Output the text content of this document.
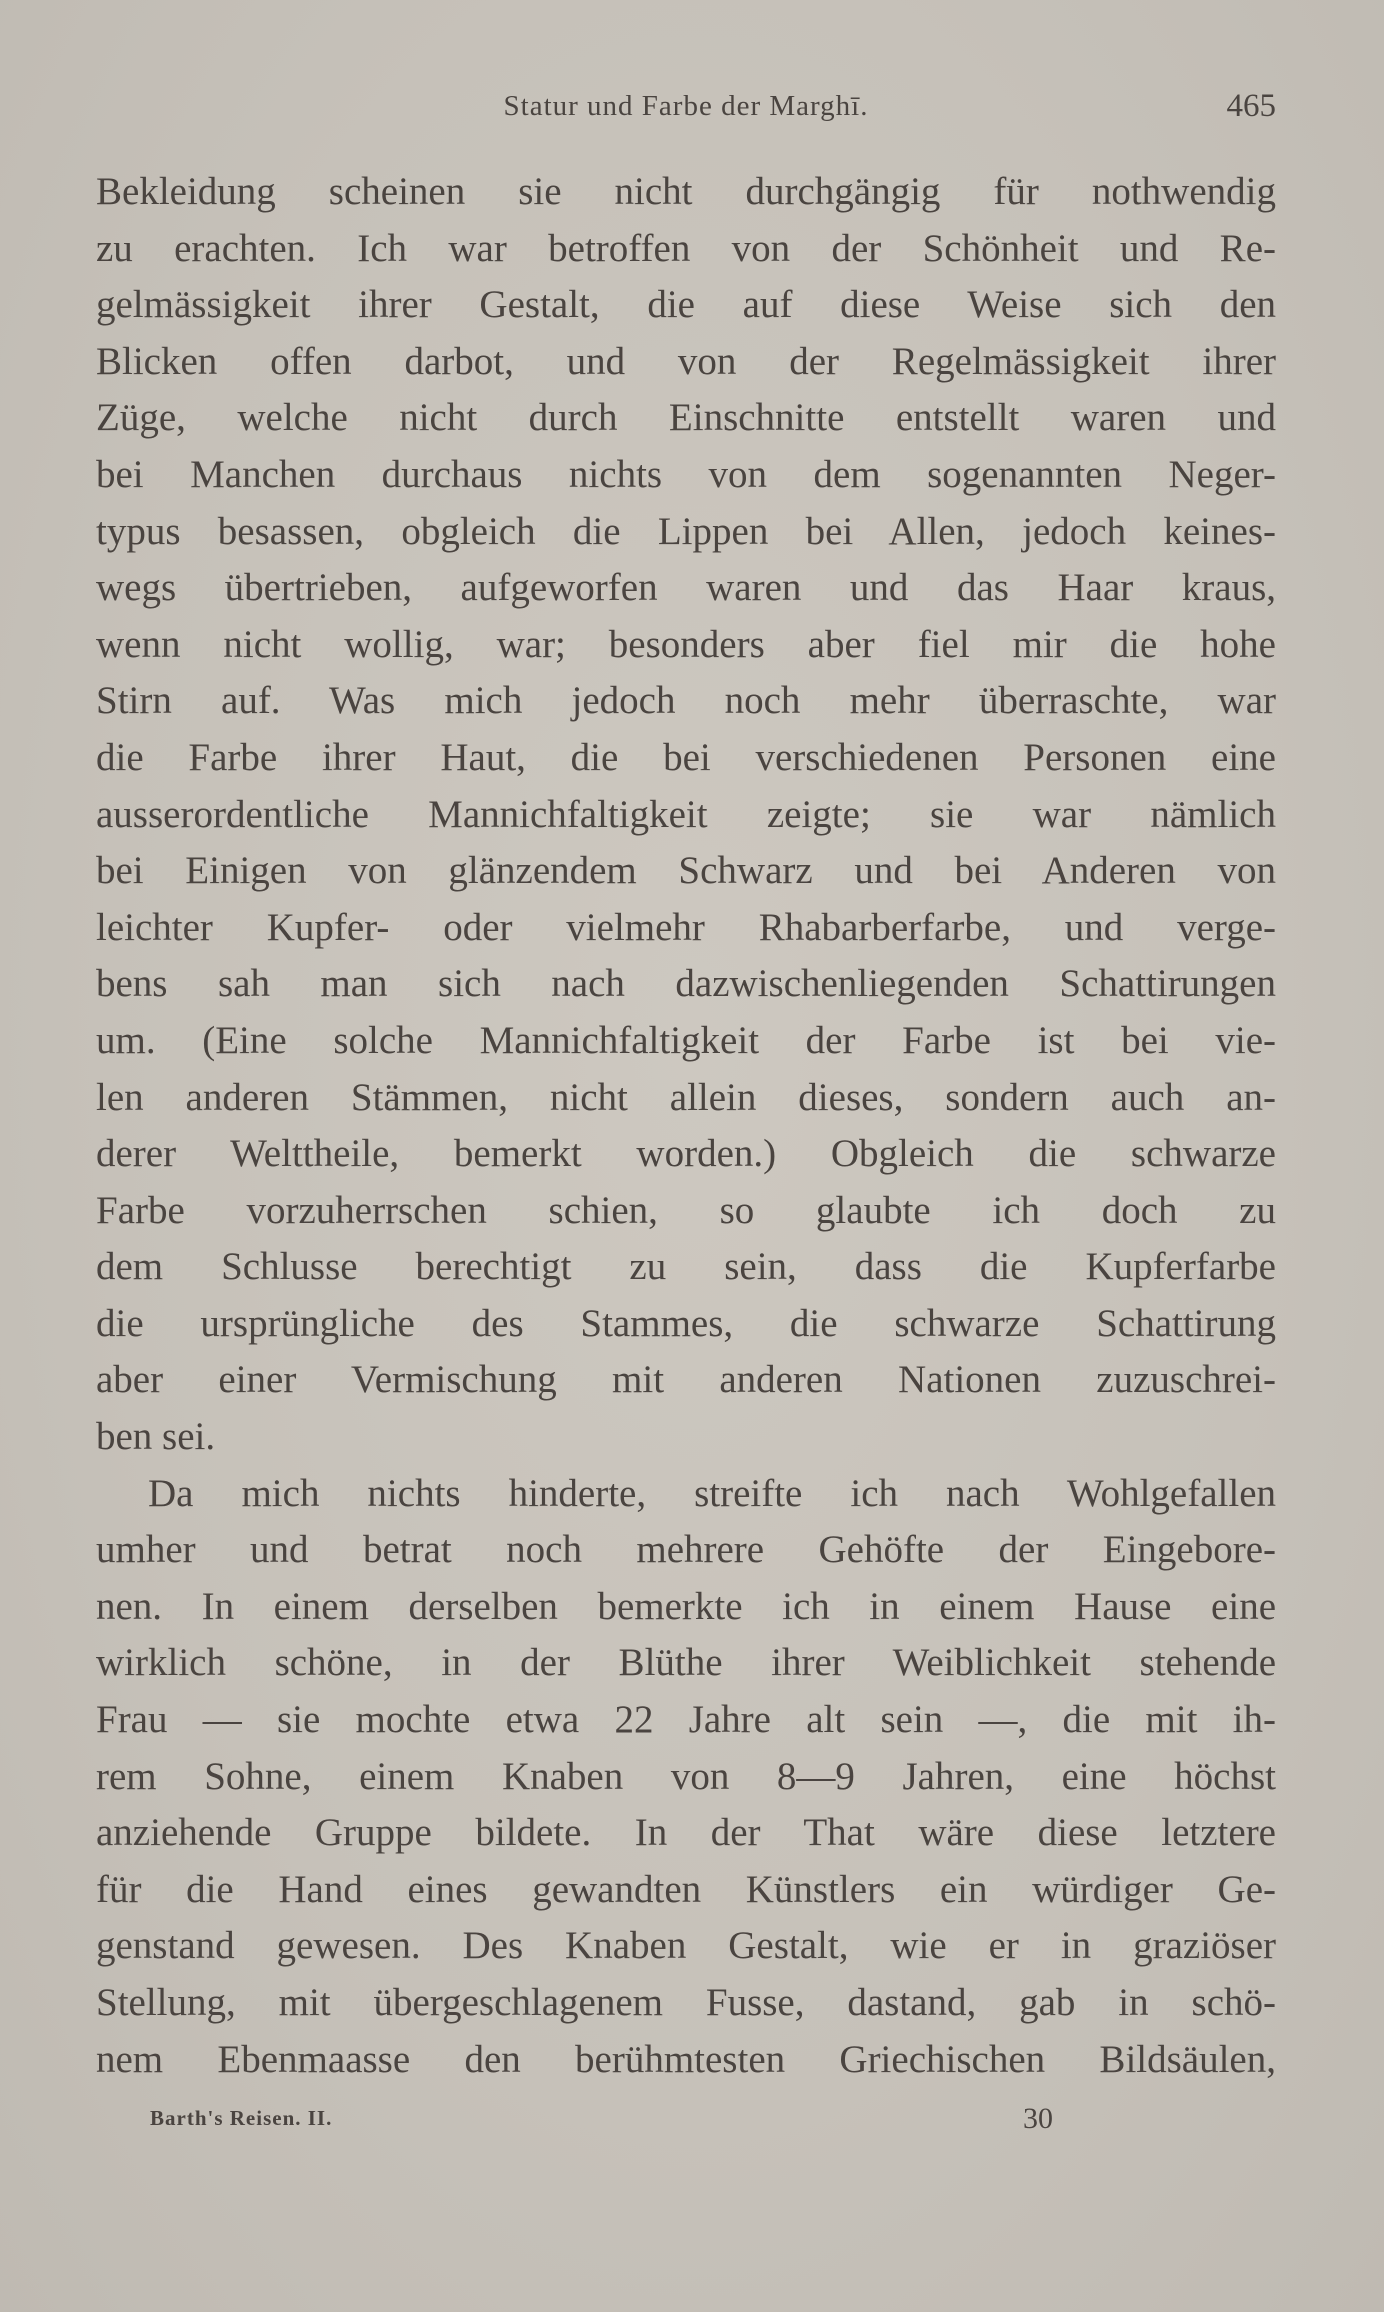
Statur und Farbe der Marghī.	465
Bekleidung scheinen sie nicht durchgängig für nothwendig
zu erachten. Ich war betroffen von der Schönheit und Re-
gelmässigkeit ihrer Gestalt, die auf diese Weise sich den
Blicken offen darbot, und von der Regelmässigkeit ihrer
Züge, welche nicht durch Einschnitte entstellt waren und
bei Manchen durchaus nichts von dem sogenannten Neger-
typus besassen, obgleich die Lippen bei Allen, jedoch keines-
wegs übertrieben, aufgeworfen waren und das Haar kraus,
wenn nicht wollig, war; besonders aber fiel mir die hohe
Stirn auf. Was mich jedoch noch mehr überraschte, war
die Farbe ihrer Haut, die bei verschiedenen Personen eine
ausserordentliche Mannichfaltigkeit zeigte; sie war nämlich
bei Einigen von glänzendem Schwarz und bei Anderen von
leichter Kupfer- oder vielmehr Rhabarberfarbe, und verge-
bens sah man sich nach dazwischenliegenden Schattirungen
um. (Eine solche Mannichfaltigkeit der Farbe ist bei vie-
len anderen Stämmen, nicht allein dieses, sondern auch an-
derer Welttheile, bemerkt worden.) Obgleich die schwarze
Farbe vorzuherrschen schien, so glaubte ich doch zu
dem Schlusse berechtigt zu sein, dass die Kupferfarbe
die ursprüngliche des Stammes, die schwarze Schattirung
aber einer Vermischung mit anderen Nationen zuzuschrei-
ben sei.
Da mich nichts hinderte, streifte ich nach Wohlgefallen
umher und betrat noch mehrere Gehöfte der Eingebore-
nen. In einem derselben bemerkte ich in einem Hause eine
wirklich schöne, in der Blüthe ihrer Weiblichkeit stehende
Frau — sie mochte etwa 22 Jahre alt sein —, die mit ih-
rem Sohne, einem Knaben von 8—9 Jahren, eine höchst
anziehende Gruppe bildete. In der That wäre diese letztere
für die Hand eines gewandten Künstlers ein würdiger Ge-
genstand gewesen. Des Knaben Gestalt, wie er in graziöser
Stellung, mit übergeschlagenem Fusse, dastand, gab in schö-
nem Ebenmaasse den berühmtesten Griechischen Bildsäulen,
Barth's Reisen. II.	30
